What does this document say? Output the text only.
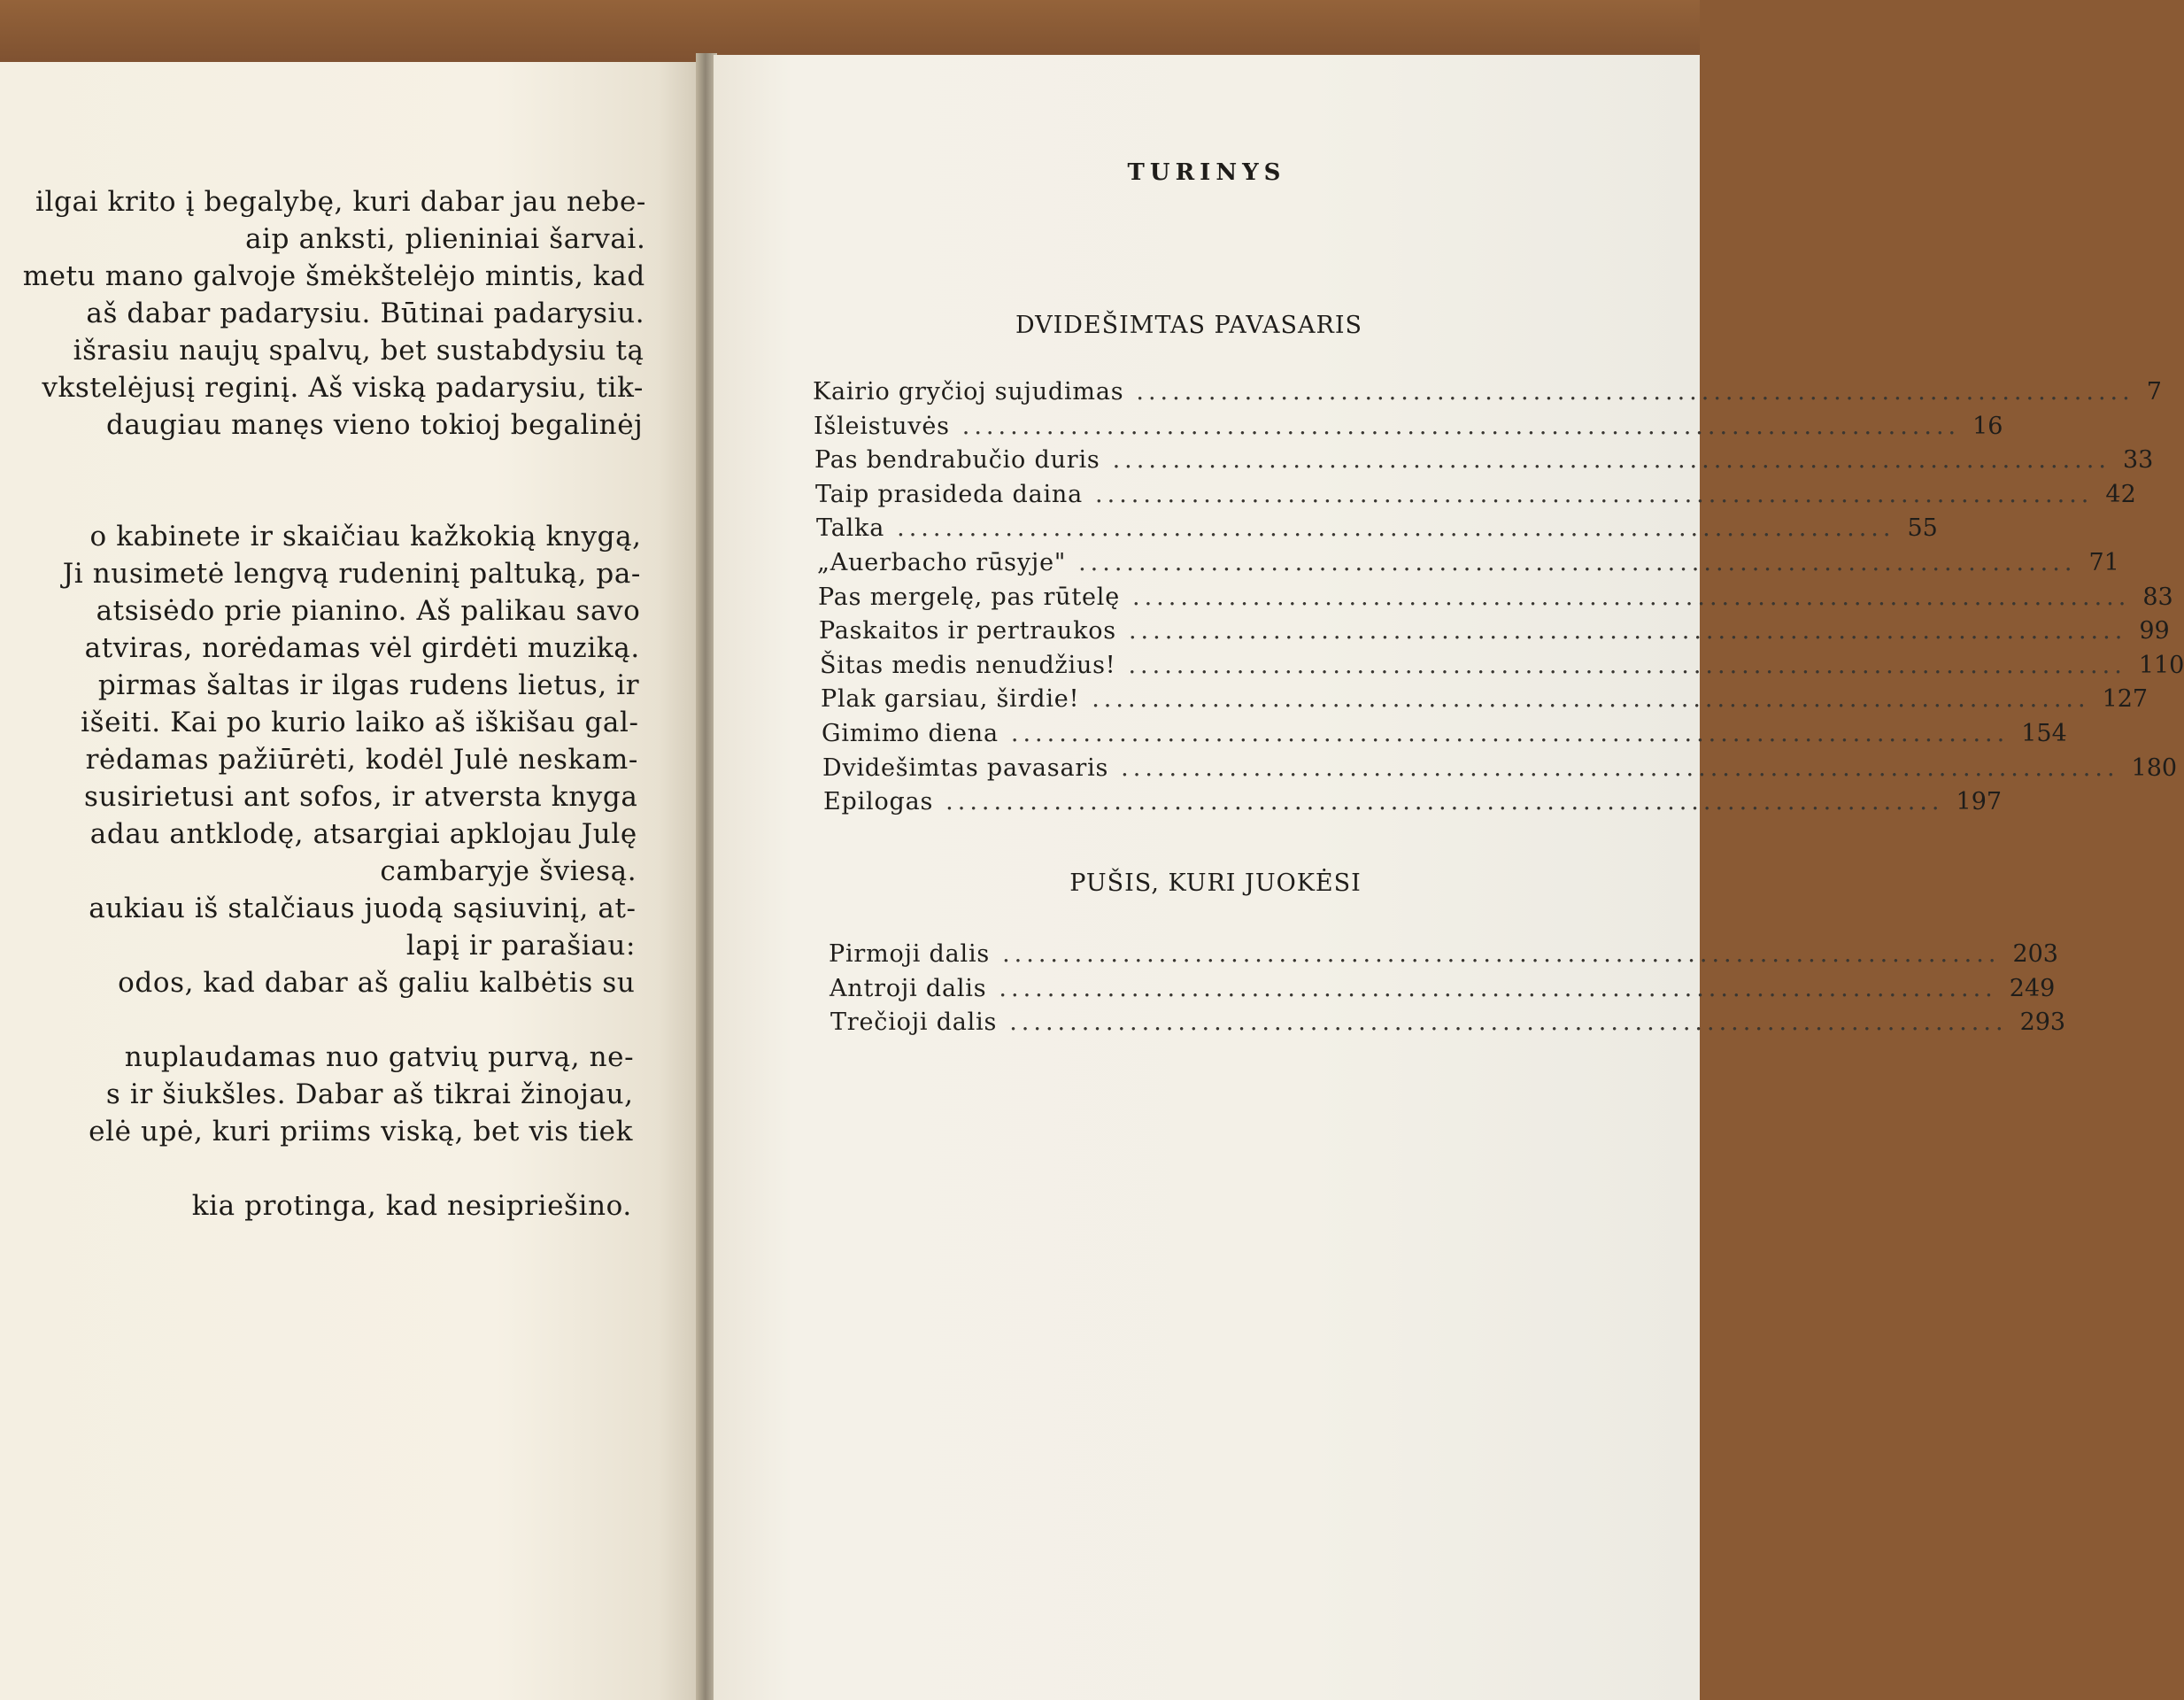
ilgai krito į begalybę, kuri dabar jau nebe-
aip anksti, plieniniai šarvai.
metu mano galvoje šmėkštelėjo mintis, kad
aš dabar padarysiu. Būtinai padarysiu.
išrasiu naujų spalvų, bet sustabdysiu tą
vkstelėjusį reginį. Aš viską padarysiu, tik-
daugiau manęs vieno tokioj begalinėj
o kabinete ir skaičiau kažkokią knygą,
Ji nusimetė lengvą rudeninį paltuką, pa-
atsisėdo prie pianino. Aš palikau savo
atviras, norėdamas vėl girdėti muziką.
pirmas šaltas ir ilgas rudens lietus, ir
išeiti. Kai po kurio laiko aš iškišau gal-
rėdamas pažiūrėti, kodėl Julė neskam-
susirietusi ant sofos, ir atversta knyga
adau antklodę, atsargiai apklojau Julę
cambaryje šviesą.
aukiau iš stalčiaus juodą sąsiuvinį, at-
lapį ir parašiau:
odos, kad dabar aš galiu kalbėtis su
nuplaudamas nuo gatvių purvą, ne-
s ir šiukšles. Dabar aš tikrai žinojau,
elė upė, kuri priims viską, bet vis tiek
kia protinga, kad nesipriešino.
TURINYS
DVIDEŠIMTAS PAVASARIS
Kairio gryčioj sujudimas ................................................................................... 7
Išleistuvės ................................................................................... 16
Pas bendrabučio duris ................................................................................... 33
Taip prasideda daina ................................................................................... 42
Talka ................................................................................... 55
„Auerbacho rūsyje" ................................................................................... 71
Pas mergelę, pas rūtelę ................................................................................... 83
Paskaitos ir pertraukos ................................................................................... 99
Šitas medis nenudžius! ................................................................................... 110
Plak garsiau, širdie! ................................................................................... 127
Gimimo diena ................................................................................... 154
Dvidešimtas pavasaris ................................................................................... 180
Epilogas ................................................................................... 197
PUŠIS, KURI JUOKĖSI
Pirmoji dalis ................................................................................... 203
Antroji dalis ................................................................................... 249
Trečioji dalis ................................................................................... 293
